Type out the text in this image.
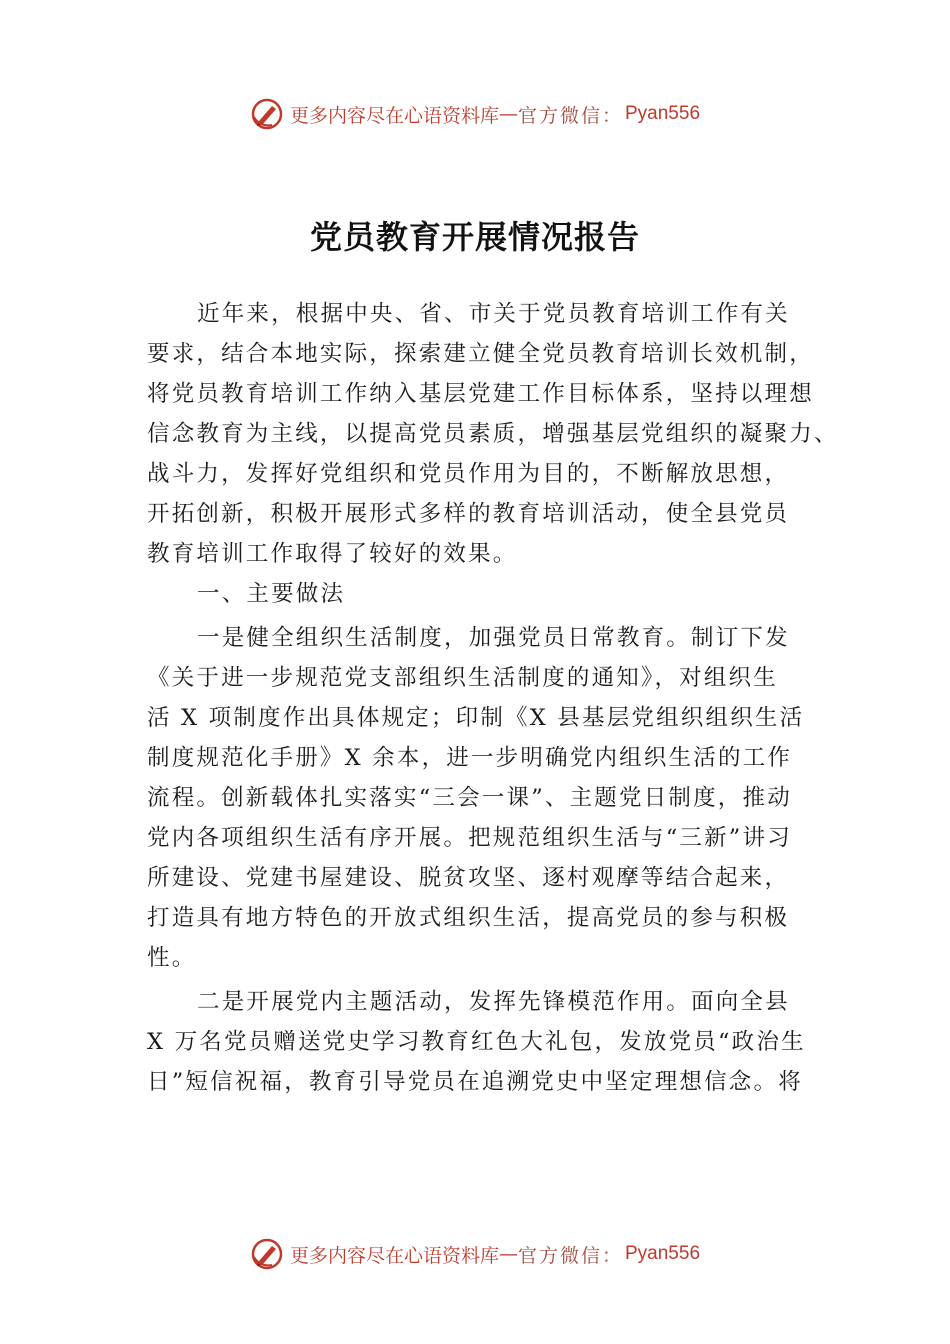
更多内容尽在心语资料库 — 官方微信： Pyan556
党员教育开展情况报告
近年来，根据中央、省、市关于党员教育培训工作有关
要求，结合本地实际，探索建立健全党员教育培训长效机制，
将党员教育培训工作纳入基层党建工作目标体系，坚持以理想
信念教育为主线，以提高党员素质，增强基层党组织的凝聚力、
战斗力，发挥好党组织和党员作用为目的，不断解放思想，
开拓创新，积极开展形式多样的教育培训活动，使全县党员
教育培训工作取得了较好的效果。
一、主要做法
一是健全组织生活制度，加强党员日常教育。制订下发
《关于进一步规范党支部组织生活制度的通知》，对组织生
活 X 项制度作出具体规定；印制《X 县基层党组织组织生活
制度规范化手册》X 余本，进一步明确党内组织生活的工作
流程。创新载体扎实落实“三会一课”、主题党日制度，推动
党内各项组织生活有序开展。把规范组织生活与“三新”讲习
所建设、党建书屋建设、脱贫攻坚、逐村观摩等结合起来，
打造具有地方特色的开放式组织生活，提高党员的参与积极
性。
二是开展党内主题活动，发挥先锋模范作用。面向全县
X 万名党员赠送党史学习教育红色大礼包，发放党员“政治生
日”短信祝福，教育引导党员在追溯党史中坚定理想信念。将
更多内容尽在心语资料库 — 官方微信： Pyan556
